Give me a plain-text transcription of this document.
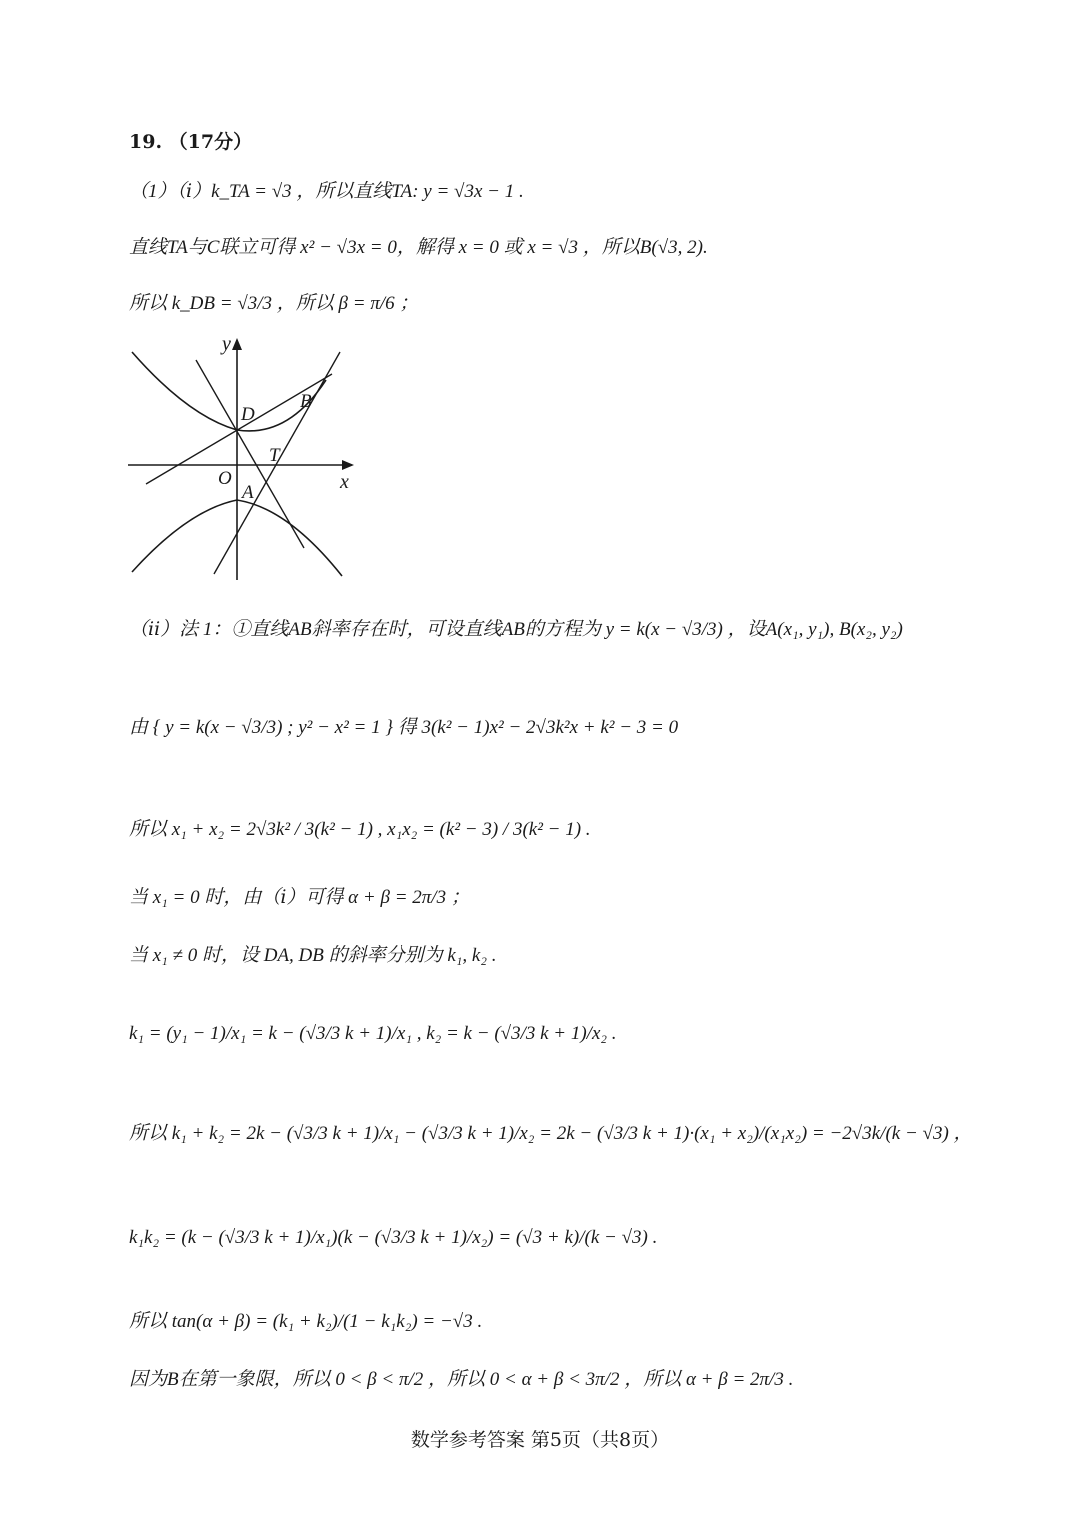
19. （17分）
（1）（ⅰ）k_TA = √3 ，所以直线TA: y = √3x − 1 .
直线TA与C联立可得 x² − √3x = 0，解得 x = 0 或 x = √3 ，所以B(√3, 2).
所以 k_DB = √3/3 ，所以 β = π/6 ；
y
x
O
D
B
T
A
（ⅱ）法 1：①直线AB斜率存在时，可设直线AB的方程为 y = k(x − √3/3) ，设A(x₁, y₁), B(x₂, y₂)
由 { y = k(x − √3/3) ; y² − x² = 1 } 得 3(k² − 1)x² − 2√3k²x + k² − 3 = 0
所以 x₁ + x₂ = 2√3k² / 3(k² − 1) , x₁x₂ = (k² − 3) / 3(k² − 1) .
当 x₁ = 0 时，由（ⅰ）可得 α + β = 2π/3 ；
当 x₁ ≠ 0 时，设 DA, DB 的斜率分别为 k₁, k₂ .
k₁ = (y₁ − 1)/x₁ = k − (√3/3 k + 1)/x₁ , k₂ = k − (√3/3 k + 1)/x₂ .
所以 k₁ + k₂ = 2k − (√3/3 k + 1)/x₁ − (√3/3 k + 1)/x₂ = 2k − (√3/3 k + 1)·(x₁ + x₂)/(x₁x₂) = −2√3k/(k − √3) ，
k₁k₂ = (k − (√3/3 k + 1)/x₁)(k − (√3/3 k + 1)/x₂) = (√3 + k)/(k − √3) .
所以 tan(α + β) = (k₁ + k₂)/(1 − k₁k₂) = −√3 .
因为B在第一象限，所以 0 < β < π/2 ，所以 0 < α + β < 3π/2 ，所以 α + β = 2π/3 .
数学参考答案 第5页（共8页）
